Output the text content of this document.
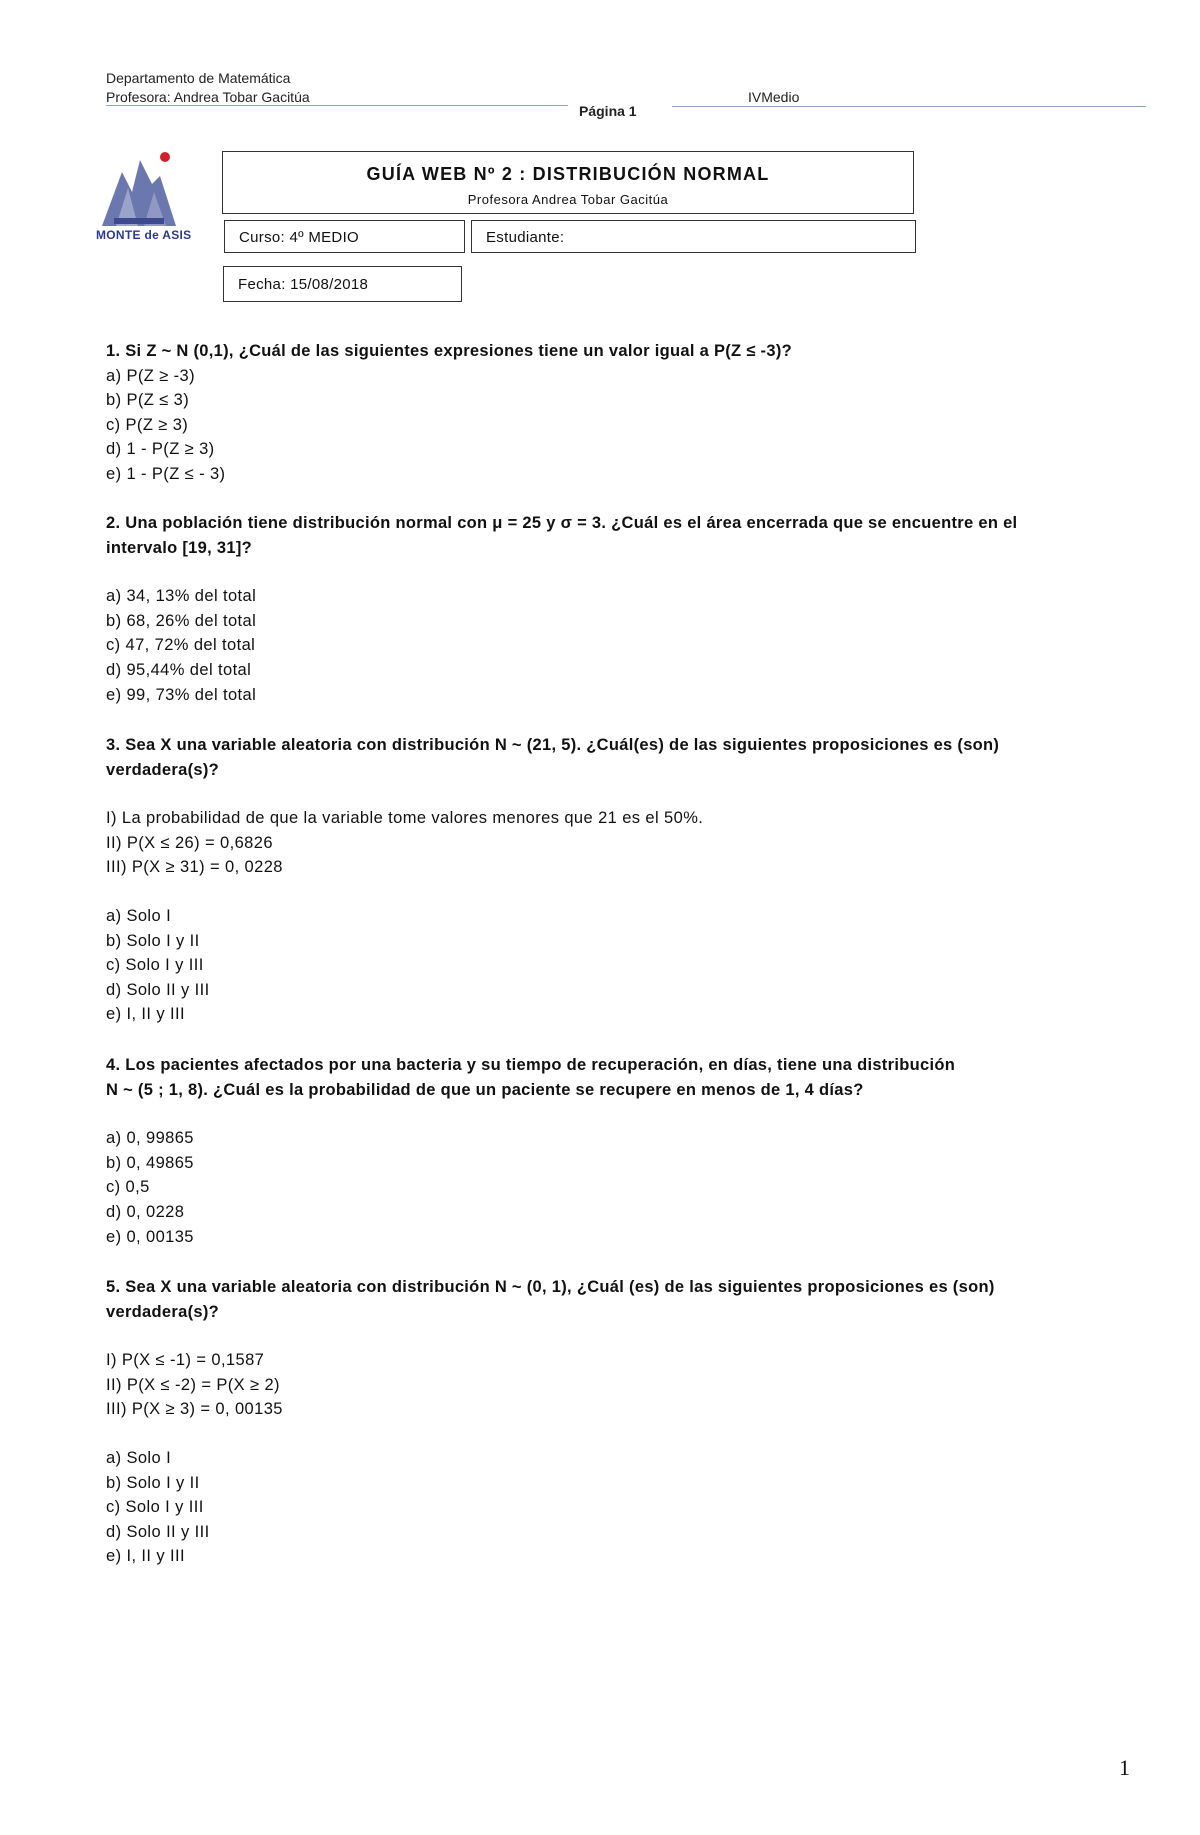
Departamento de Matemática
Profesora: Andrea Tobar Gacitúa
Página 1
IVMedio
MONTE de ASIS
GUÍA WEB Nº 2 : DISTRIBUCIÓN NORMAL
Profesora Andrea Tobar Gacitúa
Curso: 4º MEDIO	Estudiante:
Fecha: 15/08/2018
1. Si Z ~ N (0,1), ¿Cuál de las siguientes expresiones tiene un valor igual a P(Z ≤ -3)?
a) P(Z ≥ -3)
b) P(Z ≤ 3)
c) P(Z ≥ 3)
d) 1 - P(Z ≥ 3)
e) 1 - P(Z ≤ - 3)
2. Una población tiene distribución normal con μ = 25 y σ = 3. ¿Cuál es el área encerrada que se encuentre en el
intervalo [19, 31]?
a) 34, 13% del total
b) 68, 26% del total
c) 47, 72% del total
d) 95,44% del total
e) 99, 73% del total
3. Sea X una variable aleatoria con distribución N ~ (21, 5). ¿Cuál(es) de las siguientes proposiciones es (son)
verdadera(s)?
I) La probabilidad de que la variable tome valores menores que 21 es el 50%.
II) P(X ≤ 26) = 0,6826
III) P(X ≥ 31) = 0, 0228
a) Solo I
b) Solo I y II
c) Solo I y III
d) Solo II y III
e) I, II y III
4. Los pacientes afectados por una bacteria y su tiempo de recuperación, en días, tiene una distribución
N ~ (5 ; 1, 8). ¿Cuál es la probabilidad de que un paciente se recupere en menos de 1, 4 días?
a) 0, 99865
b) 0, 49865
c) 0,5
d) 0, 0228
e) 0, 00135
5. Sea X una variable aleatoria con distribución N ~ (0, 1), ¿Cuál (es) de las siguientes proposiciones es (son)
verdadera(s)?
I) P(X ≤ -1) = 0,1587
II) P(X ≤ -2) = P(X ≥ 2)
III) P(X ≥ 3) = 0, 00135
a) Solo I
b) Solo I y II
c) Solo I y III
d) Solo II y III
e) I, II y III
1
